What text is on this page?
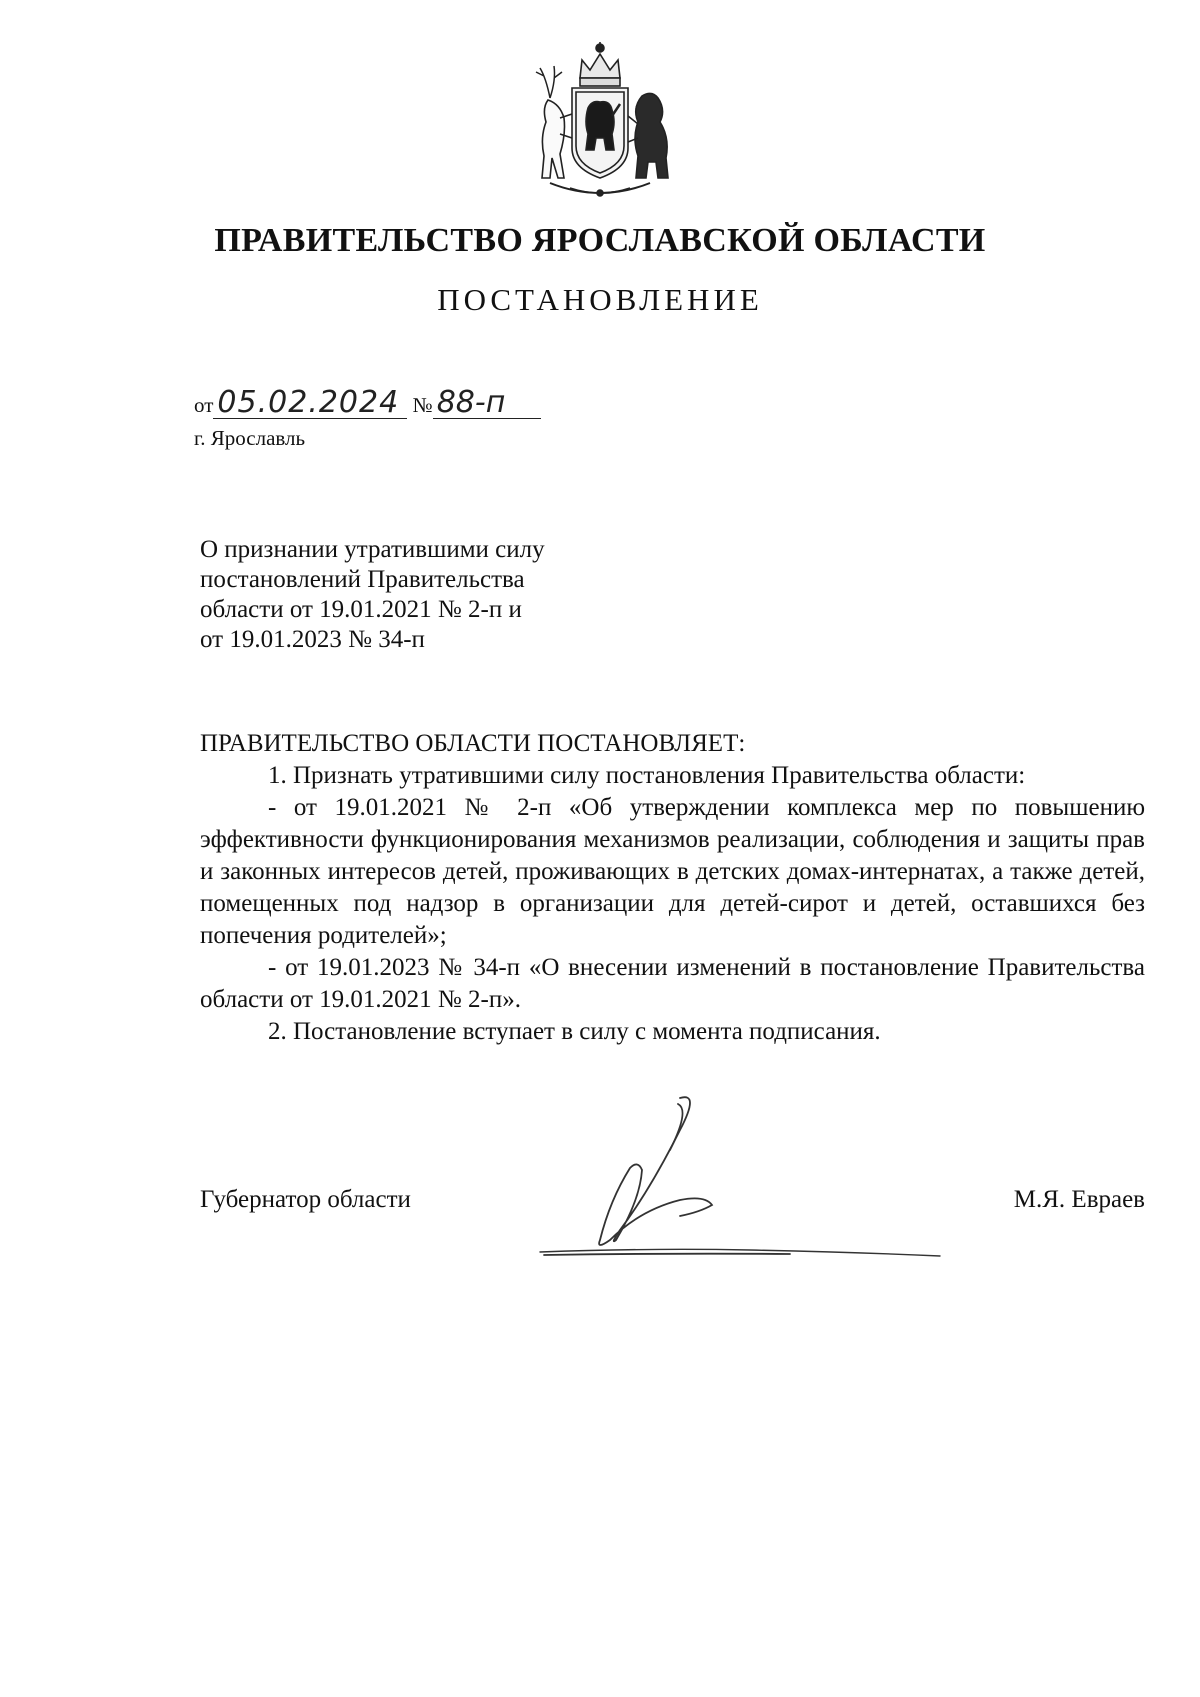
ПРАВИТЕЛЬСТВО ЯРОСЛАВСКОЙ ОБЛАСТИ
ПОСТАНОВЛЕНИЕ
от 05.02.2024 № 88-п
г. Ярославль
О признании утратившими силу
постановлений Правительства
области от 19.01.2021 № 2-п и
от 19.01.2023 № 34-п
ПРАВИТЕЛЬСТВО ОБЛАСТИ ПОСТАНОВЛЯЕТ:

1. Признать утратившими силу постановления Правительства области:

- от 19.01.2021 № 2-п «Об утверждении комплекса мер по повышению эффективности функционирования механизмов реализации, соблюдения и защиты прав и законных интересов детей, проживающих в детских домах-интернатах, а также детей, помещенных под надзор в организации для детей-сирот и детей, оставшихся без попечения родителей»;

- от 19.01.2023 № 34-п «О внесении изменений в постановление Правительства области от 19.01.2021 № 2-п».

2. Постановление вступает в силу с момента подписания.

Губернатор области	М.Я. Евраев
